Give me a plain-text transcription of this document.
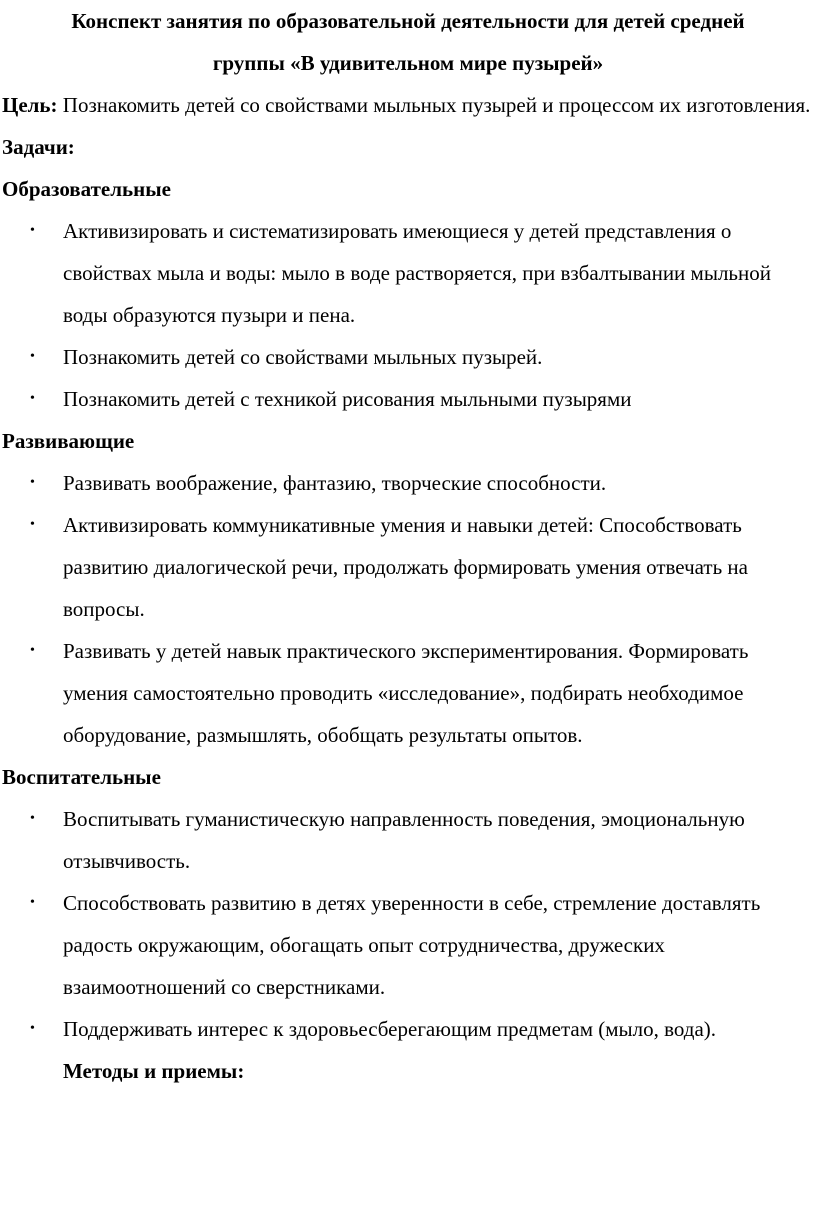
Конспект занятия по образовательной деятельности для детей средней
группы «В удивительном мире пузырей»

Цель: Познакомить детей со свойствами мыльных пузырей и процессом их изготовления.

Задачи:

Образовательные

• Активизировать и систематизировать имеющиеся у детей представления о свойствах мыла и воды: мыло в воде растворяется, при взбалтывании мыльной воды образуются пузыри и пена.
• Познакомить детей со свойствами мыльных пузырей.
• Познакомить детей с техникой рисования мыльными пузырями

Развивающие

• Развивать воображение, фантазию, творческие способности.
• Активизировать коммуникативные умения и навыки детей: Способствовать развитию диалогической речи, продолжать формировать умения отвечать на вопросы.
• Развивать у детей навык практического экспериментирования. Формировать умения самостоятельно проводить «исследование», подбирать необходимое оборудование, размышлять, обобщать результаты опытов.

Воспитательные

• Воспитывать гуманистическую направленность поведения, эмоциональную отзывчивость.
• Способствовать развитию в детях уверенности в себе, стремление доставлять радость окружающим, обогащать опыт сотрудничества, дружеских взаимоотношений со сверстниками.
• Поддерживать интерес к здоровьесберегающим предметам (мыло, вода).

Методы и приемы:
